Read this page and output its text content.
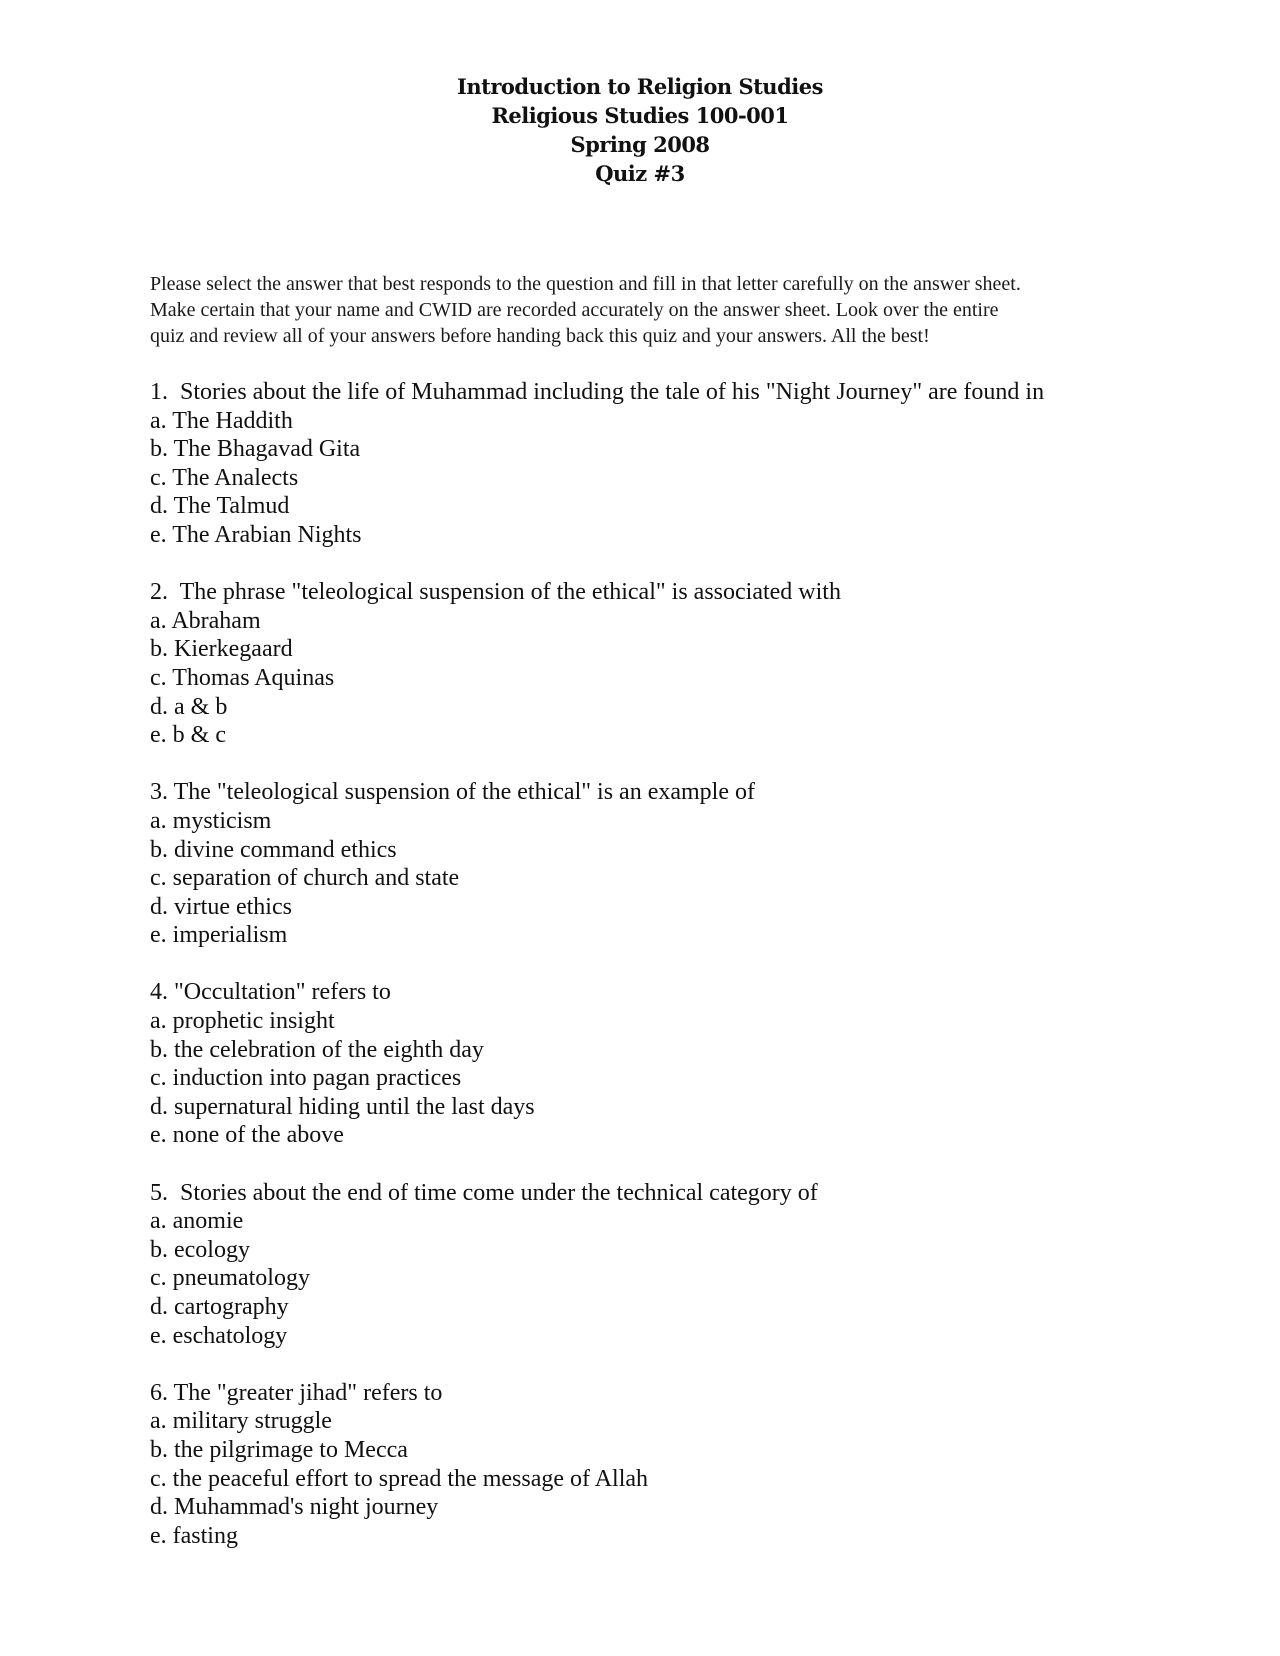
Introduction to Religion Studies
Religious Studies 100-001
Spring 2008
Quiz #3
Please select the answer that best responds to the question and fill in that letter carefully on the answer sheet.
Make certain that your name and CWID are recorded accurately on the answer sheet. Look over the entire
quiz and review all of your answers before handing back this quiz and your answers. All the best!
1.  Stories about the life of Muhammad including the tale of his "Night Journey" are found in
a. The Haddith
b. The Bhagavad Gita
c. The Analects
d. The Talmud
e. The Arabian Nights
2.  The phrase "teleological suspension of the ethical" is associated with
a. Abraham
b. Kierkegaard
c. Thomas Aquinas
d. a & b
e. b & c
3. The "teleological suspension of the ethical" is an example of
a. mysticism
b. divine command ethics
c. separation of church and state
d. virtue ethics
e. imperialism
4. "Occultation" refers to
a. prophetic insight
b. the celebration of the eighth day
c. induction into pagan practices
d. supernatural hiding until the last days
e. none of the above
5.  Stories about the end of time come under the technical category of
a. anomie
b. ecology
c. pneumatology
d. cartography
e. eschatology
6. The "greater jihad" refers to
a. military struggle
b. the pilgrimage to Mecca
c. the peaceful effort to spread the message of Allah
d. Muhammad's night journey
e. fasting
